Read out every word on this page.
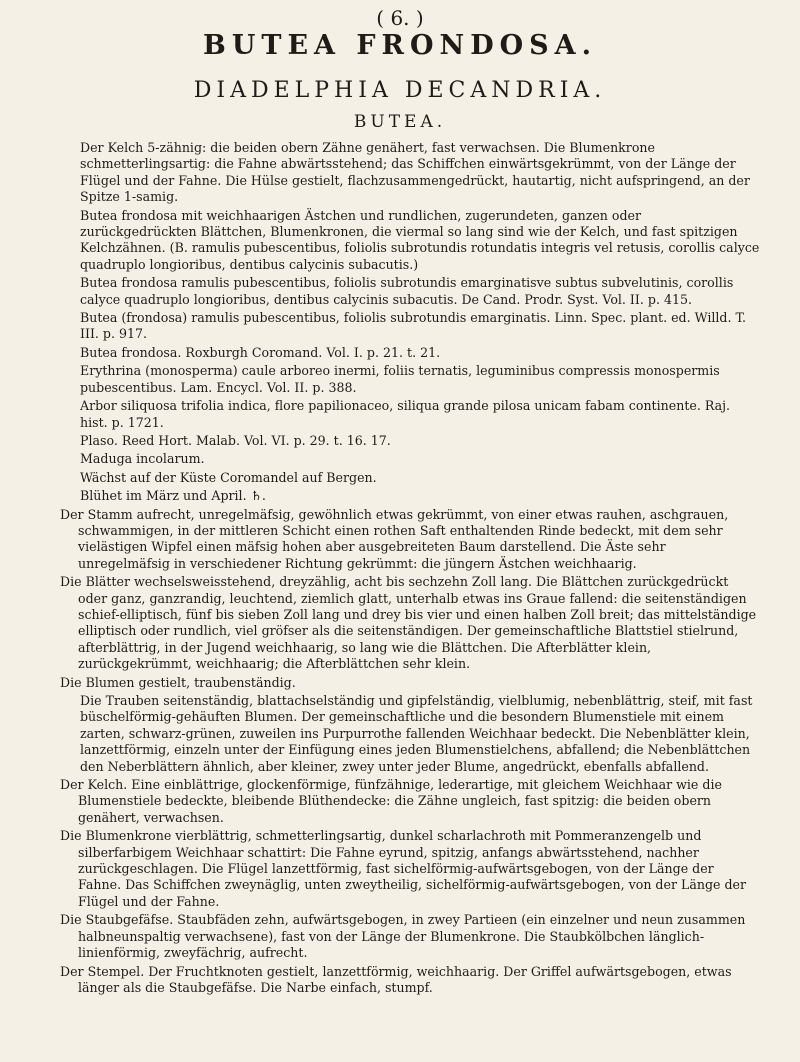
( 6. )
BUTEA FRONDOSA.
DIADELPHIA DECANDRIA.
BUTEA.

Der Kelch 5-zähnig: die beiden obern Zähne genähert, fast verwachsen. Die Blumenkrone schmetterlingsartig: die Fahne abwärtsstehend; das Schiffchen einwärtsgekrümmt, von der Länge der Flügel und der Fahne. Die Hülse gestielt, flachzusammengedrückt, hautartig, nicht aufspringend, an der Spitze 1-samig.

Butea frondosa mit weichhaarigen Ästchen und rundlichen, zugerundeten, ganzen oder zurückgedrückten Blättchen, Blumenkronen, die viermal so lang sind wie der Kelch, und fast spitzigen Kelchzähnen. (B. ramulis pubescentibus, foliolis subrotundis rotundatis integris vel retusis, corollis calyce quadruplo longioribus, dentibus calycinis subacutis.)

Butea frondosa ramulis pubescentibus, foliolis subrotundis emarginatisve subtus subvelutinis, corollis calyce quadruplo longioribus, dentibus calycinis subacutis. De Cand. Prodr. Syst. Vol. II. p. 415.

Butea (frondosa) ramulis pubescentibus, foliolis subrotundis emarginatis. Linn. Spec. plant. ed. Willd. T. III. p. 917.

Butea frondosa. Roxburgh Coromand. Vol. I. p. 21. t. 21.

Erythrina (monosperma) caule arboreo inermi, foliis ternatis, leguminibus compressis monospermis pubescentibus. Lam. Encycl. Vol. II. p. 388.

Arbor siliquosa trifolia indica, flore papilionaceo, siliqua grande pilosa unicam fabam continente. Raj. hist. p. 1721.

Plaso. Reed Hort. Malab. Vol. VI. p. 29. t. 16. 17.

Maduga incolarum.

Wächst auf der Küste Coromandel auf Bergen.

Blühet im März und April. ♄.

Der Stamm aufrecht, unregelmäfsig, gewöhnlich etwas gekrümmt, von einer etwas rauhen, aschgrauen, schwammigen, in der mittleren Schicht einen rothen Saft enthaltenden Rinde bedeckt, mit dem sehr vielästigen Wipfel einen mäfsig hohen aber ausgebreiteten Baum darstellend. Die Äste sehr unregelmäfsig in verschiedener Richtung gekrümmt: die jüngern Ästchen weichhaarig.

Die Blätter wechselsweisstehend, dreyzählig, acht bis sechzehn Zoll lang. Die Blättchen zurückgedrückt oder ganz, ganzrandig, leuchtend, ziemlich glatt, unterhalb etwas ins Graue fallend: die seitenständigen schief-elliptisch, fünf bis sieben Zoll lang und drey bis vier und einen halben Zoll breit; das mittelständige elliptisch oder rundlich, viel gröfser als die seitenständigen. Der gemeinschaftliche Blattstiel stielrund, afterblättrig, in der Jugend weichhaarig, so lang wie die Blättchen. Die Afterblätter klein, zurückgekrümmt, weichhaarig; die Afterblättchen sehr klein.

Die Blumen gestielt, traubenständig.

Die Trauben seitenständig, blattachselständig und gipfelständig, vielblumig, nebenblättrig, steif, mit fast büschelförmig-gehäuften Blumen. Der gemeinschaftliche und die besondern Blumenstiele mit einem zarten, schwarz-grünen, zuweilen ins Purpurrothe fallenden Weichhaar bedeckt. Die Nebenblätter klein, lanzettförmig, einzeln unter der Einfügung eines jeden Blumenstielchens, abfallend; die Nebenblättchen den Neberblättern ähnlich, aber kleiner, zwey unter jeder Blume, angedrückt, ebenfalls abfallend.

Der Kelch. Eine einblättrige, glockenförmige, fünfzähnige, lederartige, mit gleichem Weichhaar wie die Blumenstiele bedeckte, bleibende Blüthendecke: die Zähne ungleich, fast spitzig: die beiden obern genähert, verwachsen.

Die Blumenkrone vierblättrig, schmetterlingsartig, dunkel scharlachroth mit Pommeranzengelb und silberfarbigem Weichhaar schattirt: Die Fahne eyrund, spitzig, anfangs abwärtsstehend, nachher zurückgeschlagen. Die Flügel lanzettförmig, fast sichelförmig-aufwärtsgebogen, von der Länge der Fahne. Das Schiffchen zweynäglig, unten zweytheilig, sichelförmig-aufwärtsgebogen, von der Länge der Flügel und der Fahne.

Die Staubgefäfse. Staubfäden zehn, aufwärtsgebogen, in zwey Partieen (ein einzelner und neun zusammen halbneunspaltig verwachsene), fast von der Länge der Blumenkrone. Die Staubkölbchen länglich-linienförmig, zweyfächrig, aufrecht.

Der Stempel. Der Fruchtknoten gestielt, lanzettförmig, weichhaarig. Der Griffel aufwärtsgebogen, etwas länger als die Staubgefäfse. Die Narbe einfach, stumpf.
